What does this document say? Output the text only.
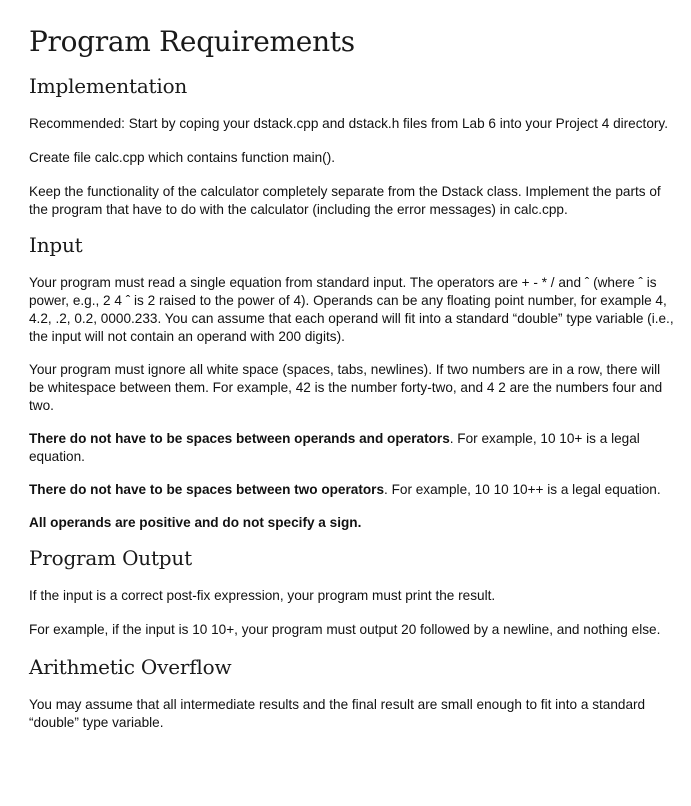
Program Requirements
Implementation

Recommended: Start by coping your dstack.cpp and dstack.h files from Lab 6 into your Project 4 directory.

Create file calc.cpp which contains function main().

Keep the functionality of the calculator completely separate from the Dstack class. Implement the parts of the program that have to do with the calculator (including the error messages) in calc.cpp.

Input

Your program must read a single equation from standard input. The operators are + - * / and ˆ (where ˆ is power, e.g., 2 4 ˆ is 2 raised to the power of 4). Operands can be any floating point number, for example 4, 4.2, .2, 0.2, 0000.233. You can assume that each operand will fit into a standard “double” type variable (i.e., the input will not contain an operand with 200 digits).

Your program must ignore all white space (spaces, tabs, newlines). If two numbers are in a row, there will be whitespace between them. For example, 42 is the number forty-two, and 4 2 are the numbers four and two.

There do not have to be spaces between operands and operators. For example, 10 10+ is a legal equation.

There do not have to be spaces between two operators. For example, 10 10 10++ is a legal equation.

All operands are positive and do not specify a sign.

Program Output

If the input is a correct post-fix expression, your program must print the result.

For example, if the input is 10 10+, your program must output 20 followed by a newline, and nothing else.

Arithmetic Overflow

You may assume that all intermediate results and the final result are small enough to fit into a standard “double” type variable.
